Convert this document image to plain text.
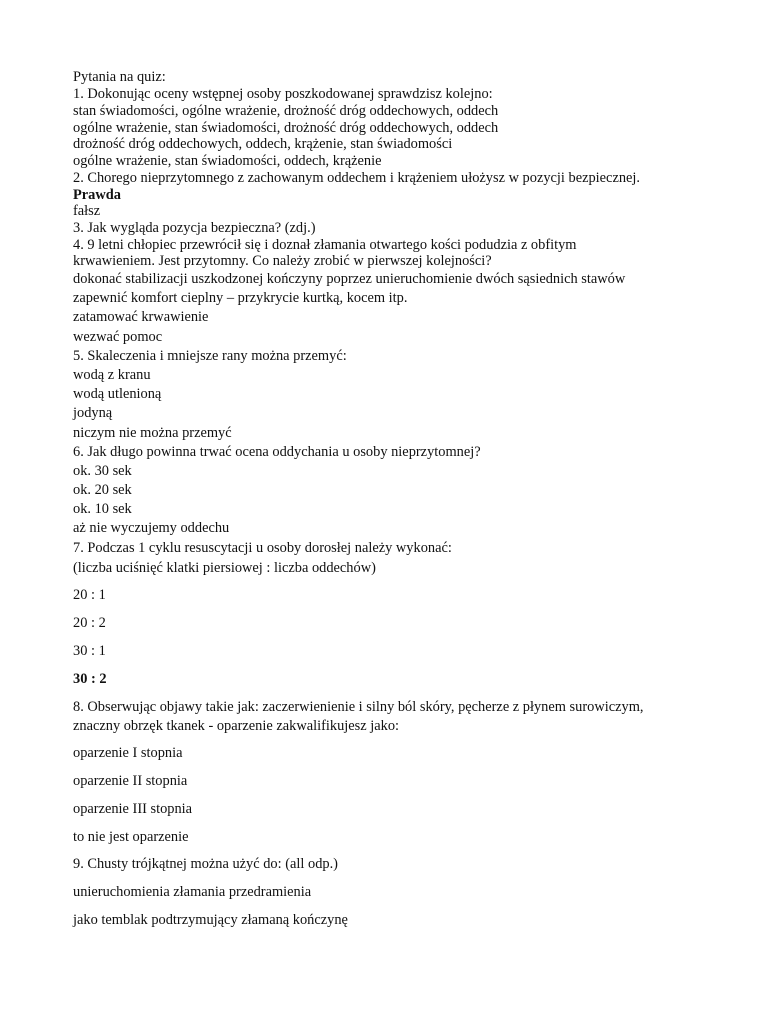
Pytania na quiz:
1. Dokonując oceny wstępnej osoby poszkodowanej sprawdzisz kolejno:
stan świadomości, ogólne wrażenie, drożność dróg oddechowych, oddech
ogólne wrażenie, stan świadomości, drożność dróg oddechowych, oddech
drożność dróg oddechowych, oddech, krążenie, stan świadomości
ogólne wrażenie, stan świadomości, oddech, krążenie
2. Chorego nieprzytomnego z zachowanym oddechem i krążeniem ułożysz w pozycji bezpiecznej.
Prawda
fałsz
3. Jak wygląda pozycja bezpieczna? (zdj.)
4. 9 letni chłopiec przewrócił się i doznał złamania otwartego kości podudzia z obfitym
krwawieniem. Jest przytomny. Co należy zrobić w pierwszej kolejności?
dokonać stabilizacji uszkodzonej kończyny poprzez unieruchomienie dwóch sąsiednich stawów
zapewnić komfort cieplny – przykrycie kurtką, kocem itp.
zatamować krwawienie
wezwać pomoc
5. Skaleczenia i mniejsze rany można przemyć:
wodą z kranu
wodą utlenioną
jodyną
niczym nie można przemyć
6. Jak długo powinna trwać ocena oddychania u osoby nieprzytomnej?
ok. 30 sek
ok. 20 sek
ok. 10 sek
aż nie wyczujemy oddechu
7. Podczas 1 cyklu resuscytacji u osoby dorosłej należy wykonać:
(liczba uciśnięć klatki piersiowej : liczba oddechów)
20 : 1
20 : 2
30 : 1
30 : 2
8. Obserwując objawy takie jak: zaczerwienienie i silny ból skóry, pęcherze z płynem surowiczym,
znaczny obrzęk tkanek - oparzenie zakwalifikujesz jako:
oparzenie I stopnia
oparzenie II stopnia
oparzenie III stopnia
to nie jest oparzenie
9. Chusty trójkątnej można użyć do: (all odp.)
unieruchomienia złamania przedramienia
jako temblak podtrzymujący złamaną kończynę
